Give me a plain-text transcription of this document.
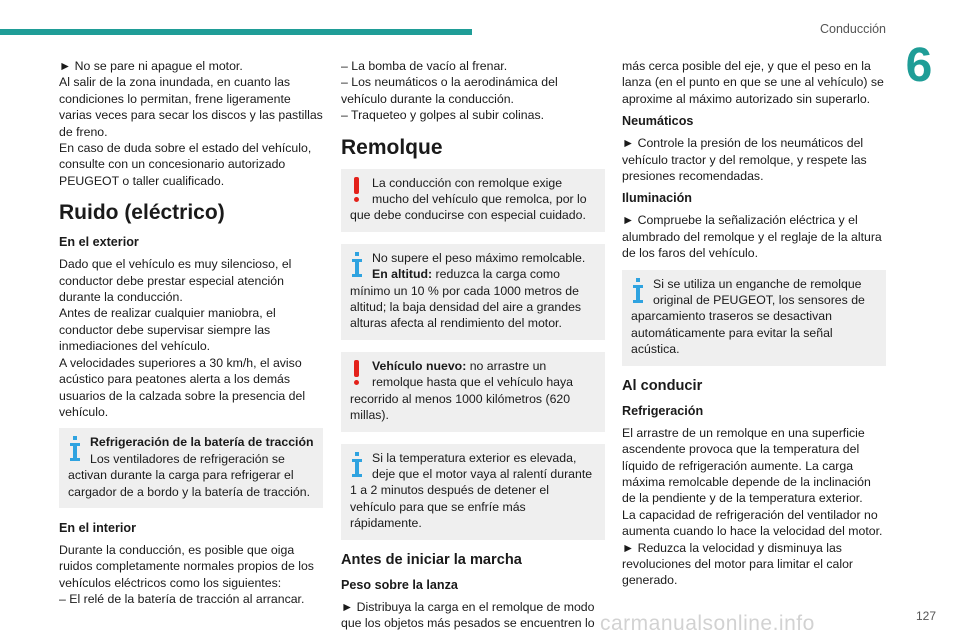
Conducción
6

► No se pare ni apague el motor.
Al salir de la zona inundada, en cuanto las condiciones lo permitan, frene ligeramente varias veces para secar los discos y las pastillas de freno.
En caso de duda sobre el estado del vehículo, consulte con un concesionario autorizado PEUGEOT o taller cualificado.

Ruido (eléctrico)
En el exterior

Dado que el vehículo es muy silencioso, el conductor debe prestar especial atención durante la conducción.
Antes de realizar cualquier maniobra, el conductor debe supervisar siempre las inmediaciones del vehículo.
A velocidades superiores a 30 km/h, el aviso acústico para peatones alerta a los demás usuarios de la calzada sobre la presencia del vehículo.

Refrigeración de la batería de tracción
Los ventiladores de refrigeración se activan durante la carga para refrigerar el cargador de a bordo y la batería de tracción.
En el interior

Durante la conducción, es posible que oiga ruidos completamente normales propios de los vehículos eléctricos como los siguientes:
– El relé de la batería de tracción al arrancar.

– La bomba de vacío al frenar.
– Los neumáticos o la aerodinámica del vehículo durante la conducción.
– Traqueteo y golpes al subir colinas.

Remolque
La conducción con remolque exige mucho del vehículo que remolca, por lo que debe conducirse con especial cuidado.
No supere el peso máximo remolcable.
En altitud: reduzca la carga como mínimo un 10 % por cada 1000 metros de altitud; la baja densidad del aire a grandes alturas afecta al rendimiento del motor.
Vehículo nuevo: no arrastre un remolque hasta que el vehículo haya recorrido al menos 1000 kilómetros (620 millas).
Si la temperatura exterior es elevada, deje que el motor vaya al ralentí durante 1 a 2 minutos después de detener el vehículo para que se enfríe más rápidamente.
Antes de iniciar la marcha
Peso sobre la lanza

► Distribuya la carga en el remolque de modo que los objetos más pesados se encuentren lo

más cerca posible del eje, y que el peso en la lanza (en el punto en que se une al vehículo) se aproxime al máximo autorizado sin superarlo.

Neumáticos

► Controle la presión de los neumáticos del vehículo tractor y del remolque, y respete las presiones recomendadas.

Iluminación

► Compruebe la señalización eléctrica y el alumbrado del remolque y el reglaje de la altura de los faros del vehículo.

Si se utiliza un enganche de remolque original de PEUGEOT, los sensores de aparcamiento traseros se desactivan automáticamente para evitar la señal acústica.
Al conducir
Refrigeración

El arrastre de un remolque en una superficie ascendente provoca que la temperatura del líquido de refrigeración aumente. La carga máxima remolcable depende de la inclinación de la pendiente y de la temperatura exterior.
La capacidad de refrigeración del ventilador no aumenta cuando lo hace la velocidad del motor.
► Reduzca la velocidad y disminuya las revoluciones del motor para limitar el calor generado.

carmanualsonline.info	127
